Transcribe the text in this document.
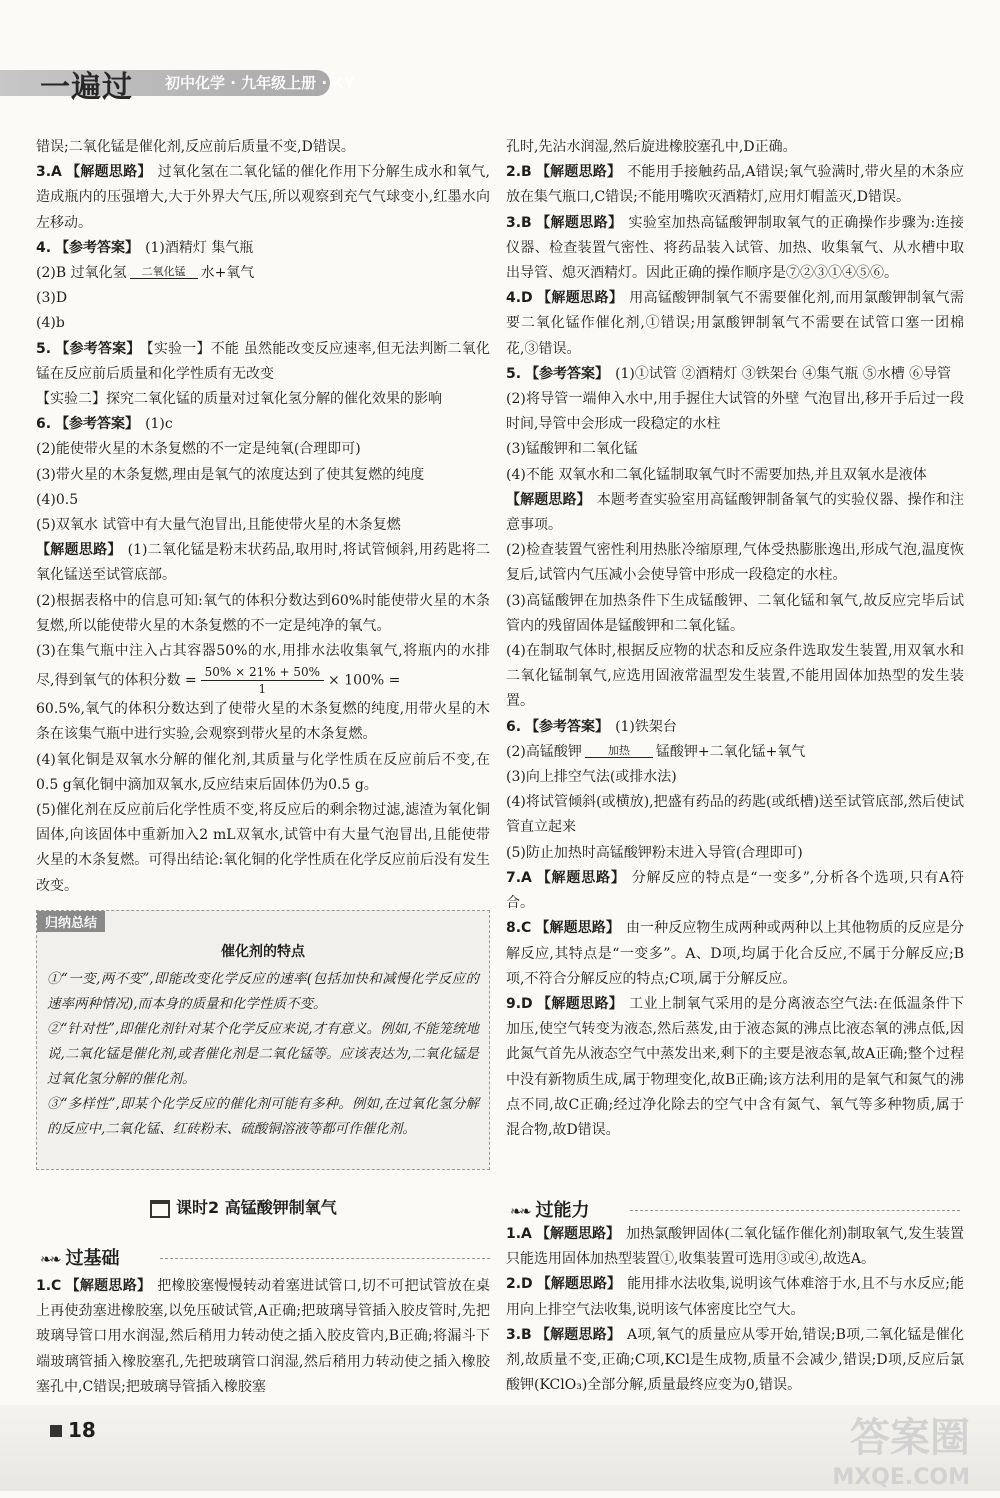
一遍过 初中化学 · 九年级上册 · KY

错误;二氧化锰是催化剂,反应前后质量不变,D错误。

3.A 【解题思路】 过氧化氢在二氧化锰的催化作用下分解生成水和氧气,造成瓶内的压强增大,大于外界大气压,所以观察到充气气球变小,红墨水向左移动。

4. 【参考答案】 (1)酒精灯 集气瓶

(2)B 过氧化氢	二氧化锰	水+氧气

(3)D

(4)b

5. 【参考答案】 【实验一】不能 虽然能改变反应速率,但无法判断二氧化锰在反应前后质量和化学性质有无改变

【实验二】探究二氧化锰的质量对过氧化氢分解的催化效果的影响

6. 【参考答案】 (1)c

(2)能使带火星的木条复燃的不一定是纯氧(合理即可)

(3)带火星的木条复燃,理由是氧气的浓度达到了使其复燃的纯度

(4)0.5

(5)双氧水 试管中有大量气泡冒出,且能使带火星的木条复燃

【解题思路】 (1)二氧化锰是粉末状药品,取用时,将试管倾斜,用药匙将二氧化锰送至试管底部。

(2)根据表格中的信息可知:氧气的体积分数达到60%时能使带火星的木条复燃,所以能使带火星的木条复燃的不一定是纯净的氧气。

(3)在集气瓶中注入占其容器50%的水,用排水法收集氧气,将瓶内的水排尽,得到氧气的体积分数 = $\frac{50\% \times 21\% + 50\%}{1} \times 100\%$ =

60.5%,氧气的体积分数达到了使带火星的木条复燃的纯度,用带火星的木条在该集气瓶中进行实验,会观察到带火星的木条复燃。

(4)氧化铜是双氧水分解的催化剂,其质量与化学性质在反应前后不变,在0.5 g氧化铜中滴加双氧水,反应结束后固体仍为0.5 g。

(5)催化剂在反应前后化学性质不变,将反应后的剩余物过滤,滤渣为氧化铜固体,向该固体中重新加入2 mL双氧水,试管中有大量气泡冒出,且能使带火星的木条复燃。可得出结论:氧化铜的化学性质在化学反应前后没有发生改变。

归纳总结
催化剂的特点

①“一变,两不变”,即能改变化学反应的速率(包括加快和减慢化学反应的速率两种情况),而本身的质量和化学性质不变。

②“针对性”,即催化剂针对某个化学反应来说,才有意义。例如,不能笼统地说,二氧化锰是催化剂,或者催化剂是二氧化锰等。应该表达为,二氧化锰是过氧化氢分解的催化剂。

③“多样性”,即某个化学反应的催化剂可能有多种。例如,在过氧化氢分解的反应中,二氧化锰、红砖粉末、硫酸铜溶液等都可作催化剂。

课时2 高锰酸钾制氧气
❧❧ 过基础

1.C 【解题思路】 把橡胶塞慢慢转动着塞进试管口,切不可把试管放在桌上再使劲塞进橡胶塞,以免压破试管,A正确;把玻璃导管插入胶皮管时,先把玻璃导管口用水润湿,然后稍用力转动使之插入胶皮管内,B正确;将漏斗下端玻璃管插入橡胶塞孔,先把玻璃管口润湿,然后稍用力转动使之插入橡胶塞孔中,C错误;把玻璃导管插入橡胶塞

孔时,先沾水润湿,然后旋进橡胶塞孔中,D正确。

2.B 【解题思路】 不能用手接触药品,A错误;氧气验满时,带火星的木条应放在集气瓶口,C错误;不能用嘴吹灭酒精灯,应用灯帽盖灭,D错误。

3.B 【解题思路】 实验室加热高锰酸钾制取氧气的正确操作步骤为:连接仪器、检查装置气密性、将药品装入试管、加热、收集氧气、从水槽中取出导管、熄灭酒精灯。因此正确的操作顺序是⑦②③①④⑤⑥。

4.D 【解题思路】 用高锰酸钾制氧气不需要催化剂,而用氯酸钾制氧气需要二氧化锰作催化剂,①错误;用氯酸钾制氧气不需要在试管口塞一团棉花,③错误。

5. 【参考答案】 (1)①试管 ②酒精灯 ③铁架台 ④集气瓶 ⑤水槽 ⑥导管

(2)将导管一端伸入水中,用手握住大试管的外壁 气泡冒出,移开手后过一段时间,导管中会形成一段稳定的水柱

(3)锰酸钾和二氧化锰

(4)不能 双氧水和二氧化锰制取氧气时不需要加热,并且双氧水是液体

【解题思路】 本题考查实验室用高锰酸钾制备氧气的实验仪器、操作和注意事项。

(2)检查装置气密性利用热胀冷缩原理,气体受热膨胀逸出,形成气泡,温度恢复后,试管内气压减小会使导管中形成一段稳定的水柱。

(3)高锰酸钾在加热条件下生成锰酸钾、二氧化锰和氧气,故反应完毕后试管内的残留固体是锰酸钾和二氧化锰。

(4)在制取气体时,根据反应物的状态和反应条件选取发生装置,用双氧水和二氧化锰制氧气,应选用固液常温型发生装置,不能用固体加热型的发生装置。

6. 【参考答案】 (1)铁架台

(2)高锰酸钾	加热	锰酸钾+二氧化锰+氧气

(3)向上排空气法(或排水法)

(4)将试管倾斜(或横放),把盛有药品的药匙(或纸槽)送至试管底部,然后使试管直立起来

(5)防止加热时高锰酸钾粉末进入导管(合理即可)

7.A 【解题思路】 分解反应的特点是“一变多”,分析各个选项,只有A符合。

8.C 【解题思路】 由一种反应物生成两种或两种以上其他物质的反应是分解反应,其特点是“一变多”。A、D项,均属于化合反应,不属于分解反应;B项,不符合分解反应的特点;C项,属于分解反应。

9.D 【解题思路】 工业上制氧气采用的是分离液态空气法:在低温条件下加压,使空气转变为液态,然后蒸发,由于液态氮的沸点比液态氧的沸点低,因此氮气首先从液态空气中蒸发出来,剩下的主要是液态氧,故A正确;整个过程中没有新物质生成,属于物理变化,故B正确;该方法利用的是氧气和氮气的沸点不同,故C正确;经过净化除去的空气中含有氮气、氧气等多种物质,属于混合物,故D错误。

❧❧ 过能力

1.A 【解题思路】 加热氯酸钾固体(二氧化锰作催化剂)制取氧气,发生装置只能选用固体加热型装置①,收集装置可选用③或④,故选A。

2.D 【解题思路】 能用排水法收集,说明该气体难溶于水,且不与水反应;能用向上排空气法收集,说明该气体密度比空气大。

3.B 【解题思路】 A项,氧气的质量应从零开始,错误;B项,二氧化锰是催化剂,故质量不变,正确;C项,KCl是生成物,质量不会减少,错误;D项,反应后氯酸钾(KClO₃)全部分解,质量最终应变为0,错误。

18	答案圈
MXQE.COM
